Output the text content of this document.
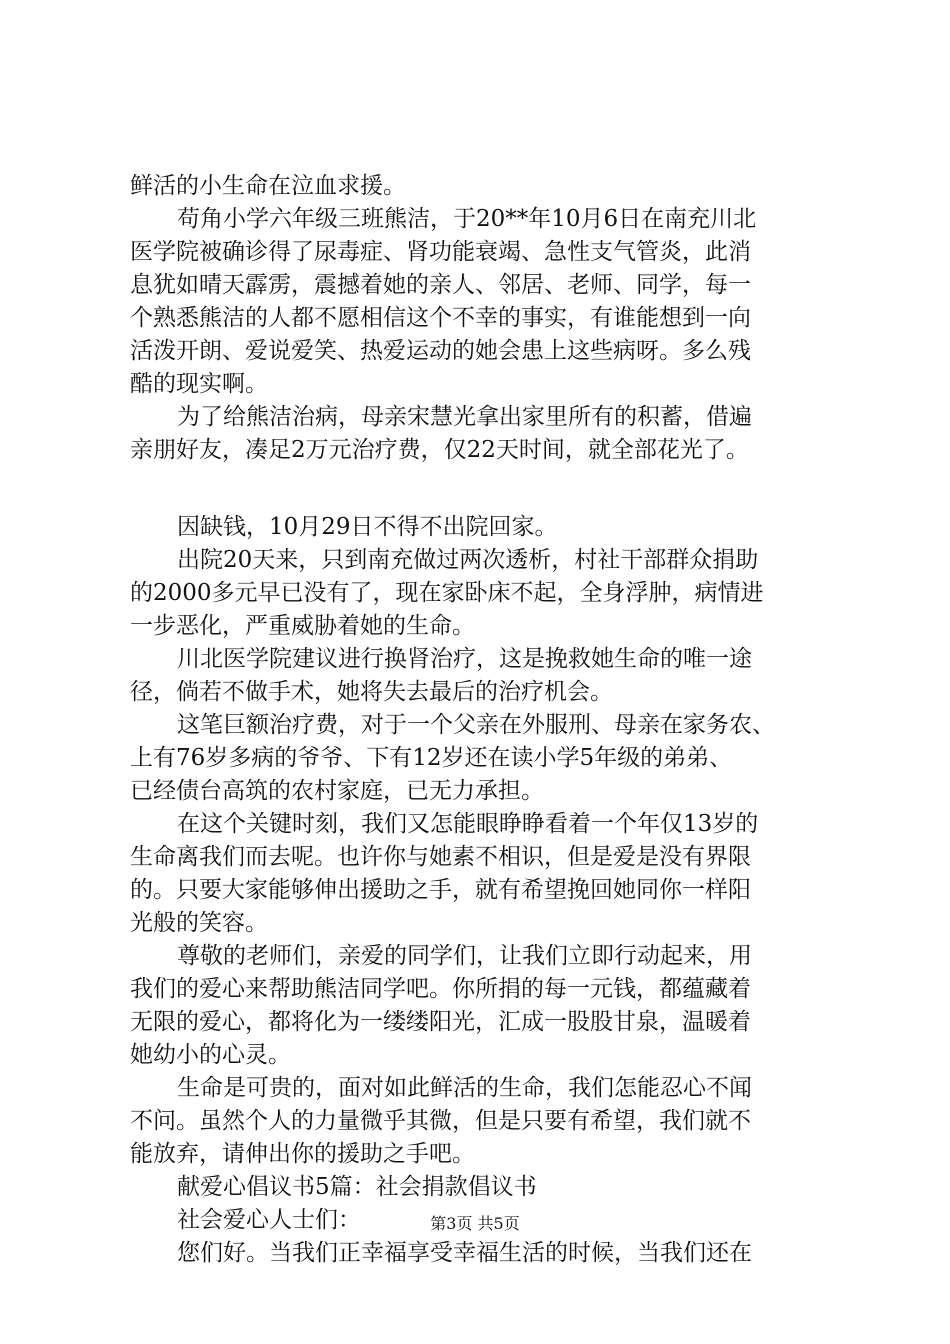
鲜活的小生命在泣血求援。
苟角小学六年级三班熊洁，于20**年10月6日在南充川北
医学院被确诊得了尿毒症、肾功能衰竭、急性支气管炎，此消
息犹如晴天霹雳，震撼着她的亲人、邻居、老师、同学，每一
个熟悉熊洁的人都不愿相信这个不幸的事实，有谁能想到一向
活泼开朗、爱说爱笑、热爱运动的她会患上这些病呀。多么残
酷的现实啊。
为了给熊洁治病，母亲宋慧光拿出家里所有的积蓄，借遍
亲朋好友，凑足2万元治疗费，仅22天时间，就全部花光了。
因缺钱，10月29日不得不出院回家。
出院20天来，只到南充做过两次透析，村社干部群众捐助
的2000多元早已没有了，现在家卧床不起，全身浮肿，病情进
一步恶化，严重威胁着她的生命。
川北医学院建议进行换肾治疗，这是挽救她生命的唯一途
径，倘若不做手术，她将失去最后的治疗机会。
这笔巨额治疗费，对于一个父亲在外服刑、母亲在家务农、
上有76岁多病的爷爷、下有12岁还在读小学5年级的弟弟、
已经债台高筑的农村家庭，已无力承担。
在这个关键时刻，我们又怎能眼睁睁看着一个年仅13岁的
生命离我们而去呢。也许你与她素不相识，但是爱是没有界限
的。只要大家能够伸出援助之手，就有希望挽回她同你一样阳
光般的笑容。
尊敬的老师们，亲爱的同学们，让我们立即行动起来，用
我们的爱心来帮助熊洁同学吧。你所捐的每一元钱，都蕴藏着
无限的爱心，都将化为一缕缕阳光，汇成一股股甘泉，温暖着
她幼小的心灵。
生命是可贵的，面对如此鲜活的生命，我们怎能忍心不闻
不问。虽然个人的力量微乎其微，但是只要有希望，我们就不
能放弃，请伸出你的援助之手吧。
献爱心倡议书5篇：社会捐款倡议书
社会爱心人士们：
您们好。当我们正幸福享受幸福生活的时候，当我们还在
第3页 共5页
